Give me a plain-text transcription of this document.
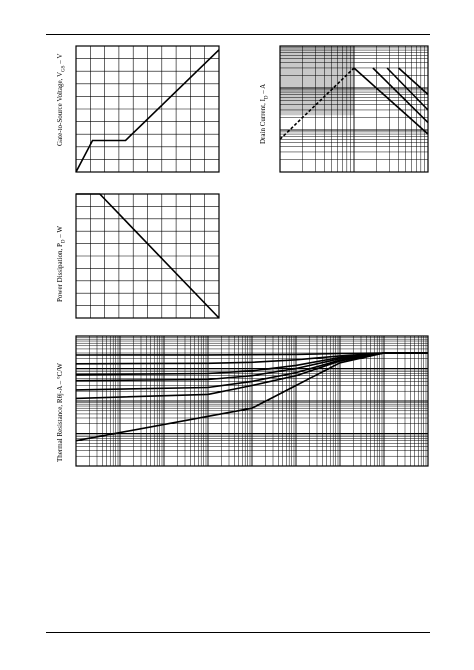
Gate-to-Source Voltage, $V_{GS}$ – V
Drain Current, $I_D$ – A
Power Dissipation, $P_D$ – W
Thermal Resistance, Rθj-A – °C/W
